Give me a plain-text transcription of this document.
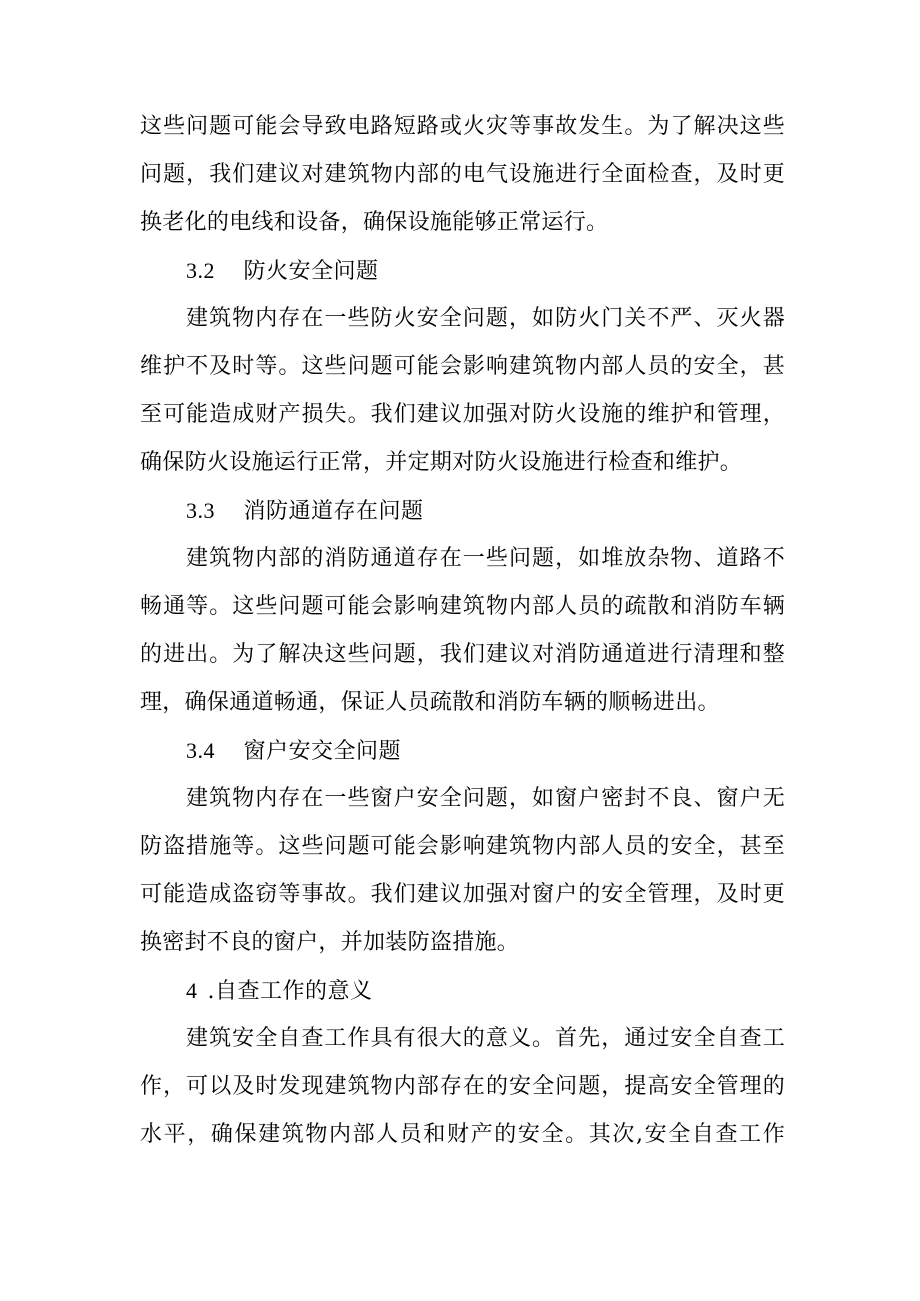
这些问题可能会导致电路短路或火灾等事故发生。为了解决这些
问题，我们建议对建筑物内部的电气设施进行全面检查，及时更
换老化的电线和设备，确保设施能够正常运行。
3.2 防火安全问题
建筑物内存在一些防火安全问题，如防火门关不严、灭火器
维护不及时等。这些问题可能会影响建筑物内部人员的安全，甚
至可能造成财产损失。我们建议加强对防火设施的维护和管理，
确保防火设施运行正常，并定期对防火设施进行检查和维护。
3.3 消防通道存在问题
建筑物内部的消防通道存在一些问题，如堆放杂物、道路不
畅通等。这些问题可能会影响建筑物内部人员的疏散和消防车辆
的进出。为了解决这些问题，我们建议对消防通道进行清理和整
理，确保通道畅通，保证人员疏散和消防车辆的顺畅进出。
3.4 窗户安交全问题
建筑物内存在一些窗户安全问题，如窗户密封不良、窗户无
防盗措施等。这些问题可能会影响建筑物内部人员的安全，甚至
可能造成盗窃等事故。我们建议加强对窗户的安全管理，及时更
换密封不良的窗户，并加装防盗措施。
4 .自查工作的意义
建筑安全自查工作具有很大的意义。首先，通过安全自查工
作，可以及时发现建筑物内部存在的安全问题，提高安全管理的
水平，确保建筑物内部人员和财产的安全。其次,安全自查工作
